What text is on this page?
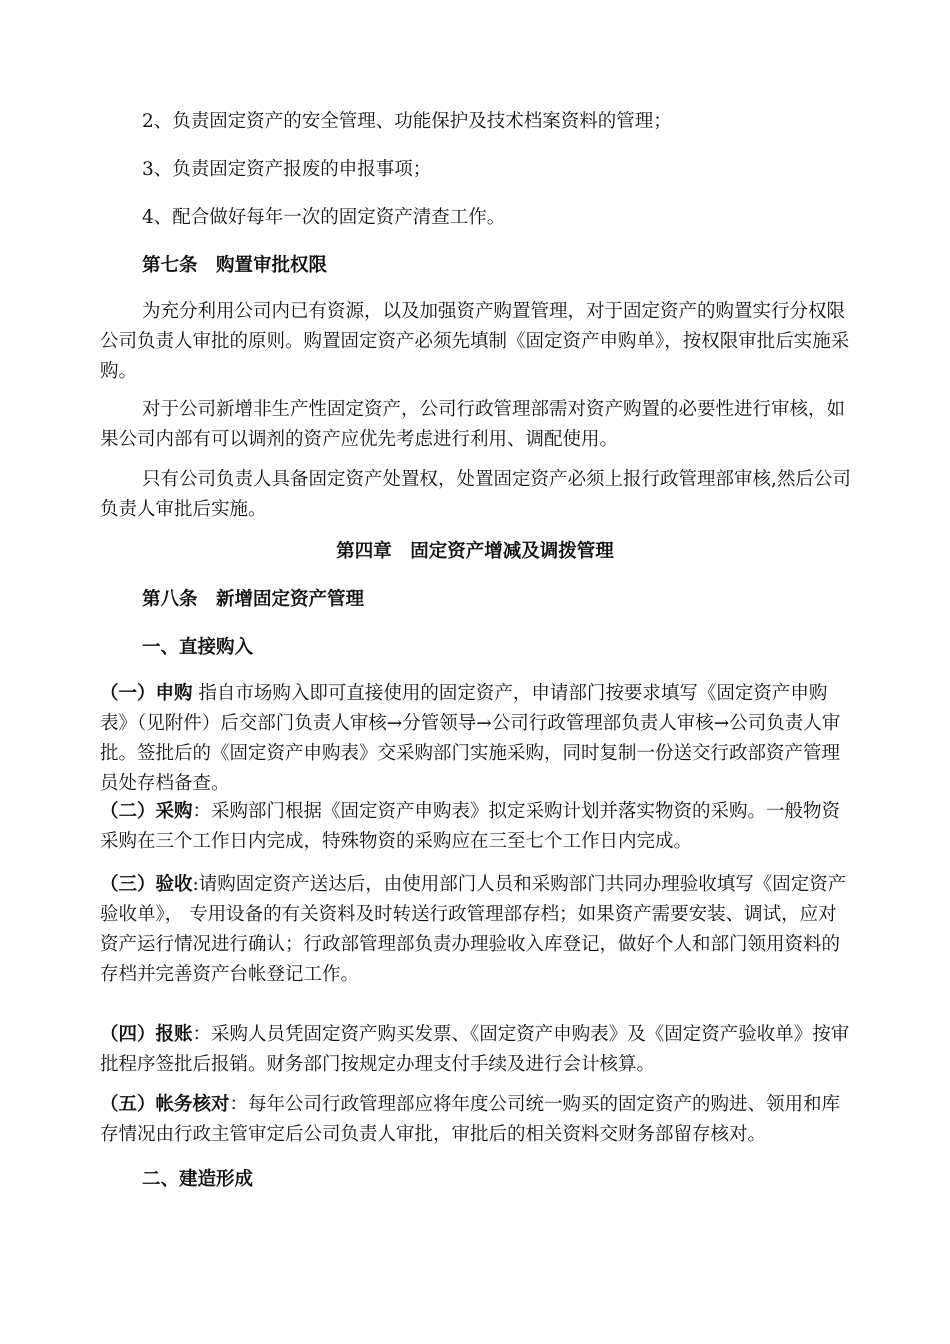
2、负责固定资产的安全管理、功能保护及技术档案资料的管理；

3、负责固定资产报废的申报事项；

4、配合做好每年一次的固定资产清查工作。

第七条　购置审批权限

为充分利用公司内已有资源，以及加强资产购置管理，对于固定资产的购置实行分权限公司负责人审批的原则。购置固定资产必须先填制《固定资产申购单》，按权限审批后实施采购。

对于公司新增非生产性固定资产，公司行政管理部需对资产购置的必要性进行审核，如果公司内部有可以调剂的资产应优先考虑进行利用、调配使用。

只有公司负责人具备固定资产处置权，处置固定资产必须上报行政管理部审核,然后公司负责人审批后实施。

第四章　固定资产增减及调拨管理

第八条　新增固定资产管理

一、直接购入

（一）申购 指自市场购入即可直接使用的固定资产，申请部门按要求填写《固定资产申购表》（见附件）后交部门负责人审核→分管领导→公司行政管理部负责人审核→公司负责人审批。签批后的《固定资产申购表》交采购部门实施采购，同时复制一份送交行政部资产管理员处存档备查。

（二）采购：采购部门根据《固定资产申购表》拟定采购计划并落实物资的采购。一般物资采购在三个工作日内完成，特殊物资的采购应在三至七个工作日内完成。

（三）验收:请购固定资产送达后，由使用部门人员和采购部门共同办理验收填写《固定资产验收单》， 专用设备的有关资料及时转送行政管理部存档；如果资产需要安装、调试，应对资产运行情况进行确认；行政部管理部负责办理验收入库登记，做好个人和部门领用资料的存档并完善资产台帐登记工作。

（四）报账：采购人员凭固定资产购买发票、《固定资产申购表》及《固定资产验收单》按审批程序签批后报销。财务部门按规定办理支付手续及进行会计核算。

（五）帐务核对：每年公司行政管理部应将年度公司统一购买的固定资产的购进、领用和库存情况由行政主管审定后公司负责人审批，审批后的相关资料交财务部留存核对。

二、建造形成
